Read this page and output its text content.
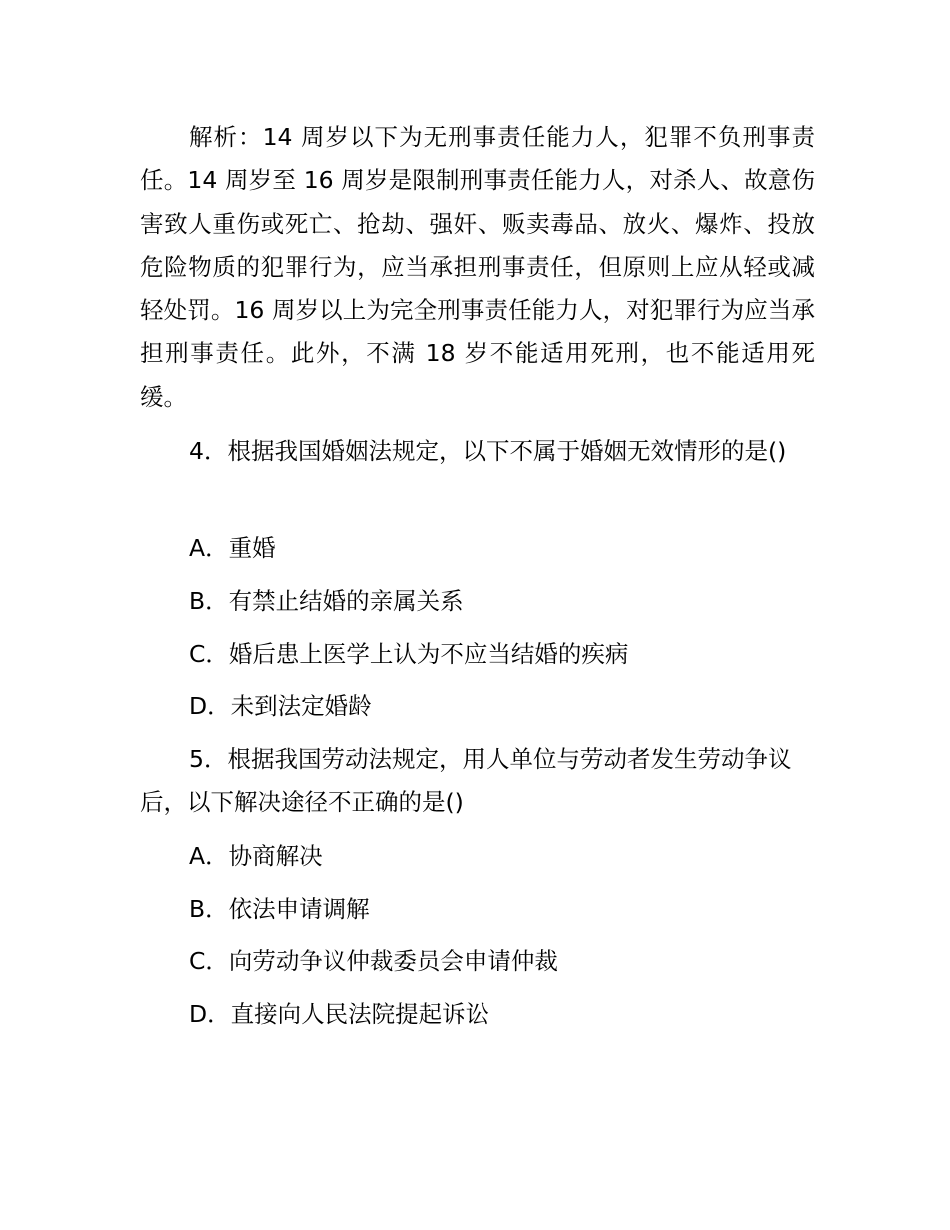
解析：14 周岁以下为无刑事责任能力人，犯罪不负刑事责任。14 周岁至 16 周岁是限制刑事责任能力人，对杀人、故意伤害致人重伤或死亡、抢劫、强奸、贩卖毒品、放火、爆炸、投放危险物质的犯罪行为，应当承担刑事责任，但原则上应从轻或减轻处罚。16 周岁以上为完全刑事责任能力人，对犯罪行为应当承担刑事责任。此外，不满 18 岁不能适用死刑，也不能适用死缓。

4．根据我国婚姻法规定，以下不属于婚姻无效情形的是()

A．重婚

B．有禁止结婚的亲属关系

C．婚后患上医学上认为不应当结婚的疾病

D．未到法定婚龄

5．根据我国劳动法规定，用人单位与劳动者发生劳动争议后，以下解决途径不正确的是()

A．协商解决

B．依法申请调解

C．向劳动争议仲裁委员会申请仲裁

D．直接向人民法院提起诉讼
